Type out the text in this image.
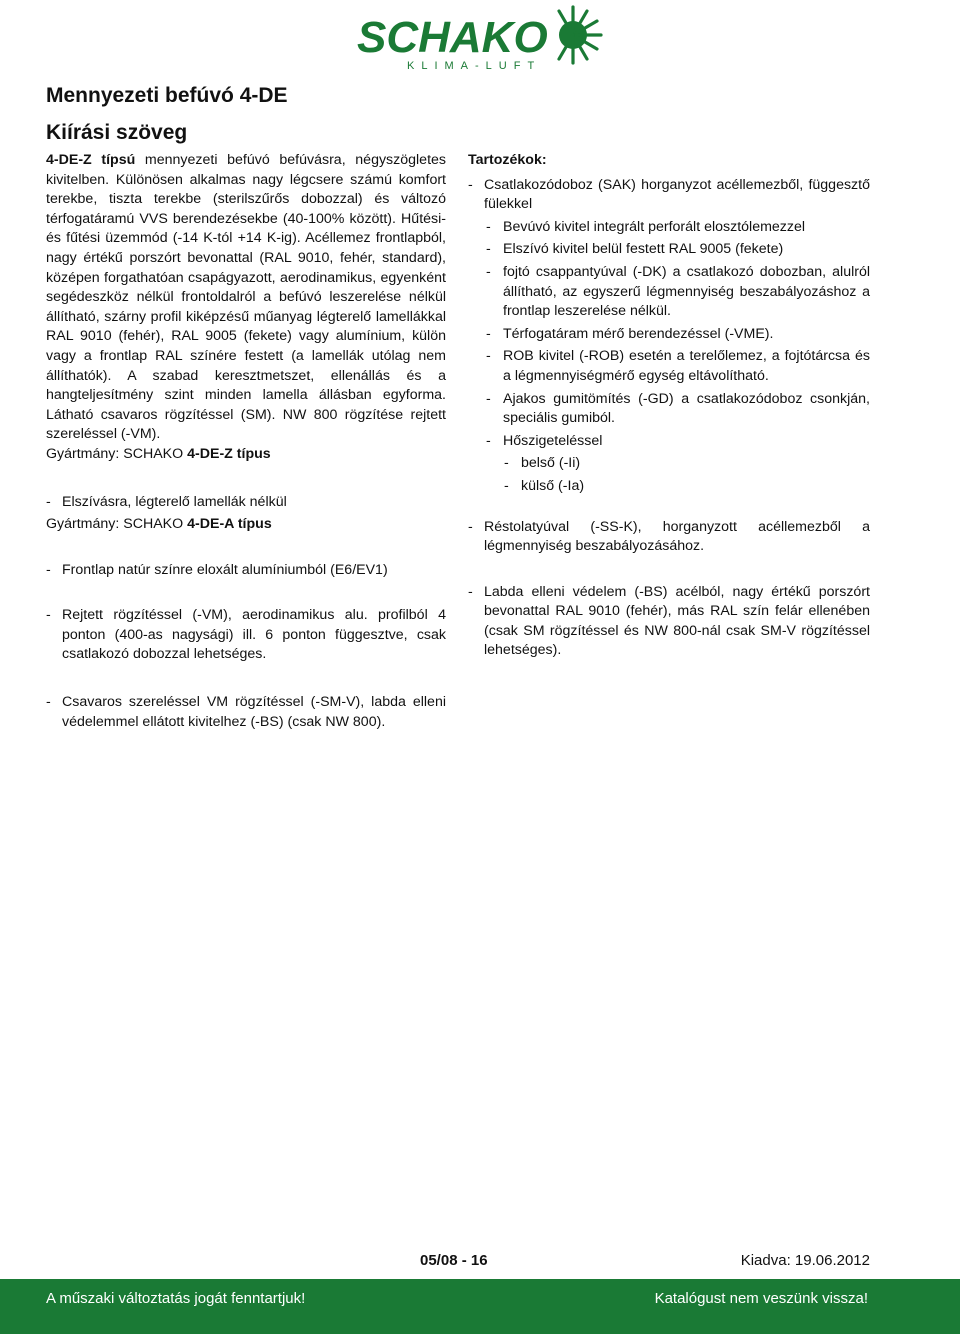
SCHAKO
KLIMA-LUFT
Mennyezeti befúvó 4-DE
Kiírási szöveg

4-DE-Z típsú mennyezeti befúvó befúvásra, négyszögletes kivitelben. Különösen alkalmas nagy légcsere számú komfort terekbe, tiszta terekbe (sterilszűrős dobozzal) és változó térfogatáramú VVS berendezésekbe (40-100% között). Hűtési- és fűtési üzemmód (-14 K-tól +14 K-ig). Acéllemez frontlapból, nagy értékű porszórt bevonattal (RAL 9010, fehér, standard), középen forgathatóan csapágyazott, aerodinamikus, egyenként segédeszköz nélkül frontoldalról a befúvó leszerelése nélkül állítható, szárny profil kiképzésű műanyag légterelő lamellákkal RAL 9010 (fehér), RAL 9005 (fekete) vagy alumínium, külön vagy a frontlap RAL színére festett (a lamellák utólag nem állíthatók). A szabad keresztmetszet, ellenállás és a hangteljesítmény szint minden lamella állásban egyforma. Látható csavaros rögzítéssel (SM). NW 800 rögzítése rejtett szereléssel (-VM).

Gyártmány: SCHAKO 4-DE-Z típus

- Elszívásra, légterelő lamellák nélkül

Gyártmány: SCHAKO 4-DE-A típus

- Frontlap natúr színre eloxált alumíniumból (E6/EV1)
- Rejtett rögzítéssel (-VM), aerodinamikus alu. profilból 4 ponton (400-as nagysági) ill. 6 ponton függesztve, csak csatlakozó dobozzal lehetséges.
- Csavaros szereléssel VM rögzítéssel (-SM-V), labda elleni védelemmel ellátott kivitelhez (-BS) (csak NW 800).

Tartozékok:

- Csatlakozódoboz (SAK) horganyzot acéllemezből, függesztő fülekkel
- Bevúvó kivitel integrált perforált elosztólemezzel
- Elszívó kivitel belül festett RAL 9005 (fekete)
- fojtó csappantyúval (-DK) a csatlakozó dobozban, alulról állítható, az egyszerű légmennyiség beszabályozáshoz a frontlap leszerelése nélkül.
- Térfogatáram mérő berendezéssel (-VME).
- ROB kivitel (-ROB) esetén a terelőlemez, a fojtótárcsa és a légmennyiségmérő egység eltávolítható.
- Ajakos gumitömítés (-GD) a csatlakozódoboz csonkján, speciális gumiból.
- Hőszigeteléssel
- belső (-Ii)
- külső (-Ia)
- Réstolatyúval (-SS-K), horganyzott acéllemezből a légmennyiség beszabályozásához.
- Labda elleni védelem (-BS) acélból, nagy értékű porszórt bevonattal RAL 9010 (fehér), más RAL szín felár ellenében (csak SM rögzítéssel és NW 800-nál csak SM-V rögzítéssel lehetséges).
05/08 - 16	Kiadva: 19.06.2012
A műszaki változtatás jogát fenntartjuk!	Katalógust nem veszünk vissza!
